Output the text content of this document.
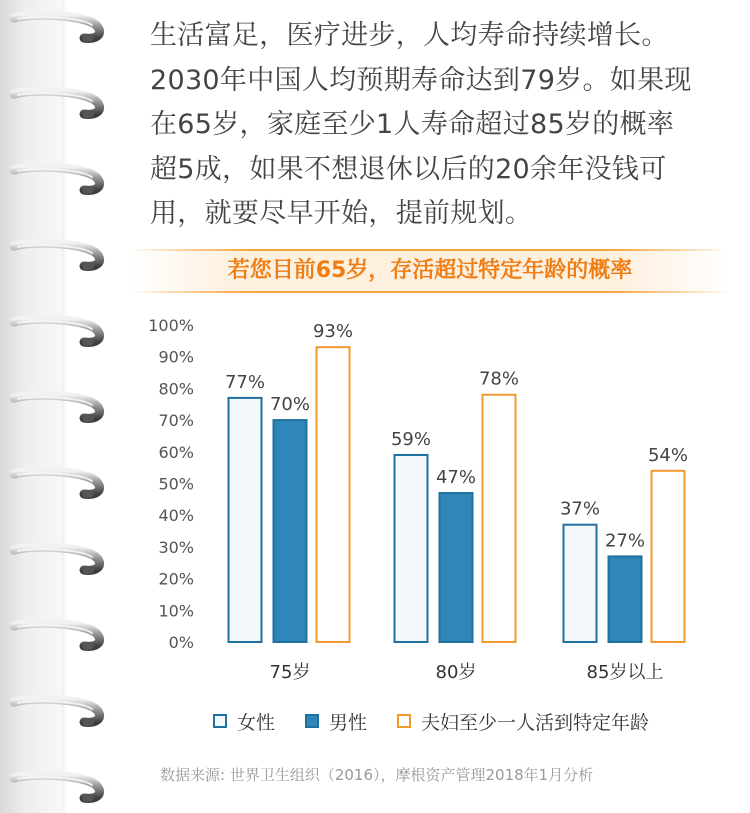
生活富足，医疗进步，人均寿命持续增长。
2030年中国人均预期寿命达到79岁。如果现
在65岁，家庭至少1人寿命超过85岁的概率
超5成，如果不想退休以后的20余年没钱可
用，就要尽早开始，提前规划。
若您目前65岁，存活超过特定年龄的概率
0%
10%
20%
30%
40%
50%
60%
70%
80%
90%
100%
77%
70%
93%
75岁
59%
47%
78%
80岁
37%
27%
54%
85岁以上
女性	男性	夫妇至少一人活到特定年龄
数据来源: 世界卫生组织（2016），摩根资产管理2018年1月分析
